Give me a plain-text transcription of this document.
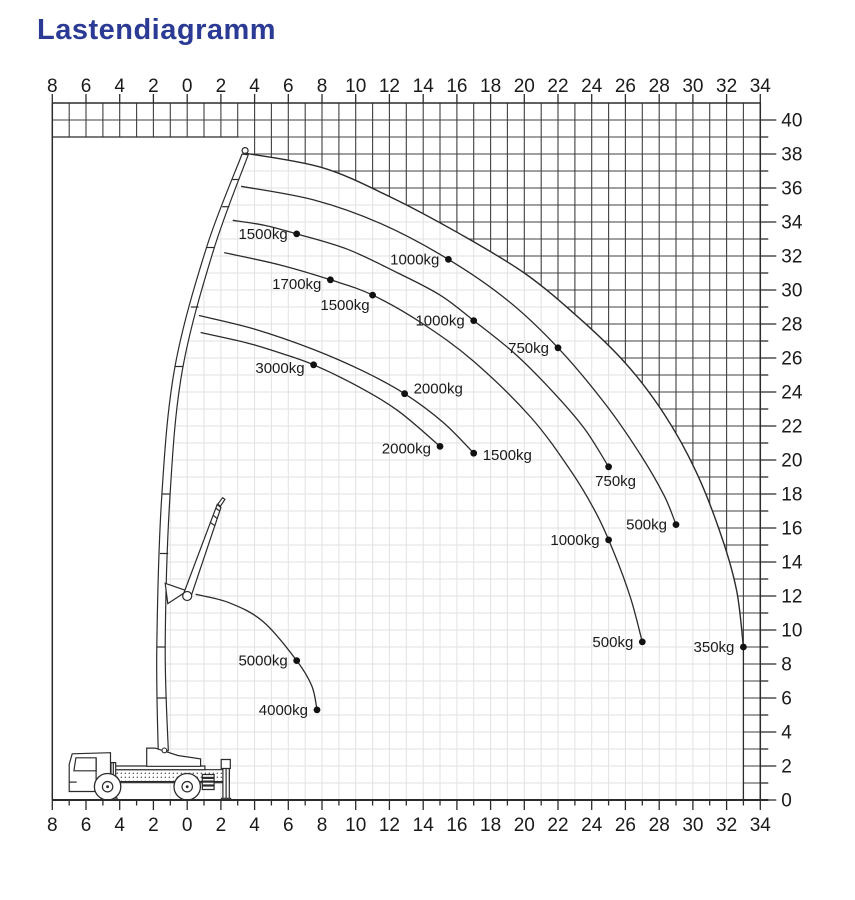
Lastendiagramm
1500kg
1000kg
1700kg
1500kg
1000kg
750kg
3000kg
2000kg
2000kg	1500kg
750kg
500kg
1000kg
500kg	350kg
5000kg
4000kg
8 6 4 2 0 2 4 6 8 10 12 14 16 18 20 22 24 26 28 30 32 34
8 6 4 2 0 2 4 6 8 10 12 14 16 18 20 22 24 26 28 30 32 34
0
2
4
6
8
10
12
14
16
18
20
22
24
26
28
30
32
34
36
38
40
